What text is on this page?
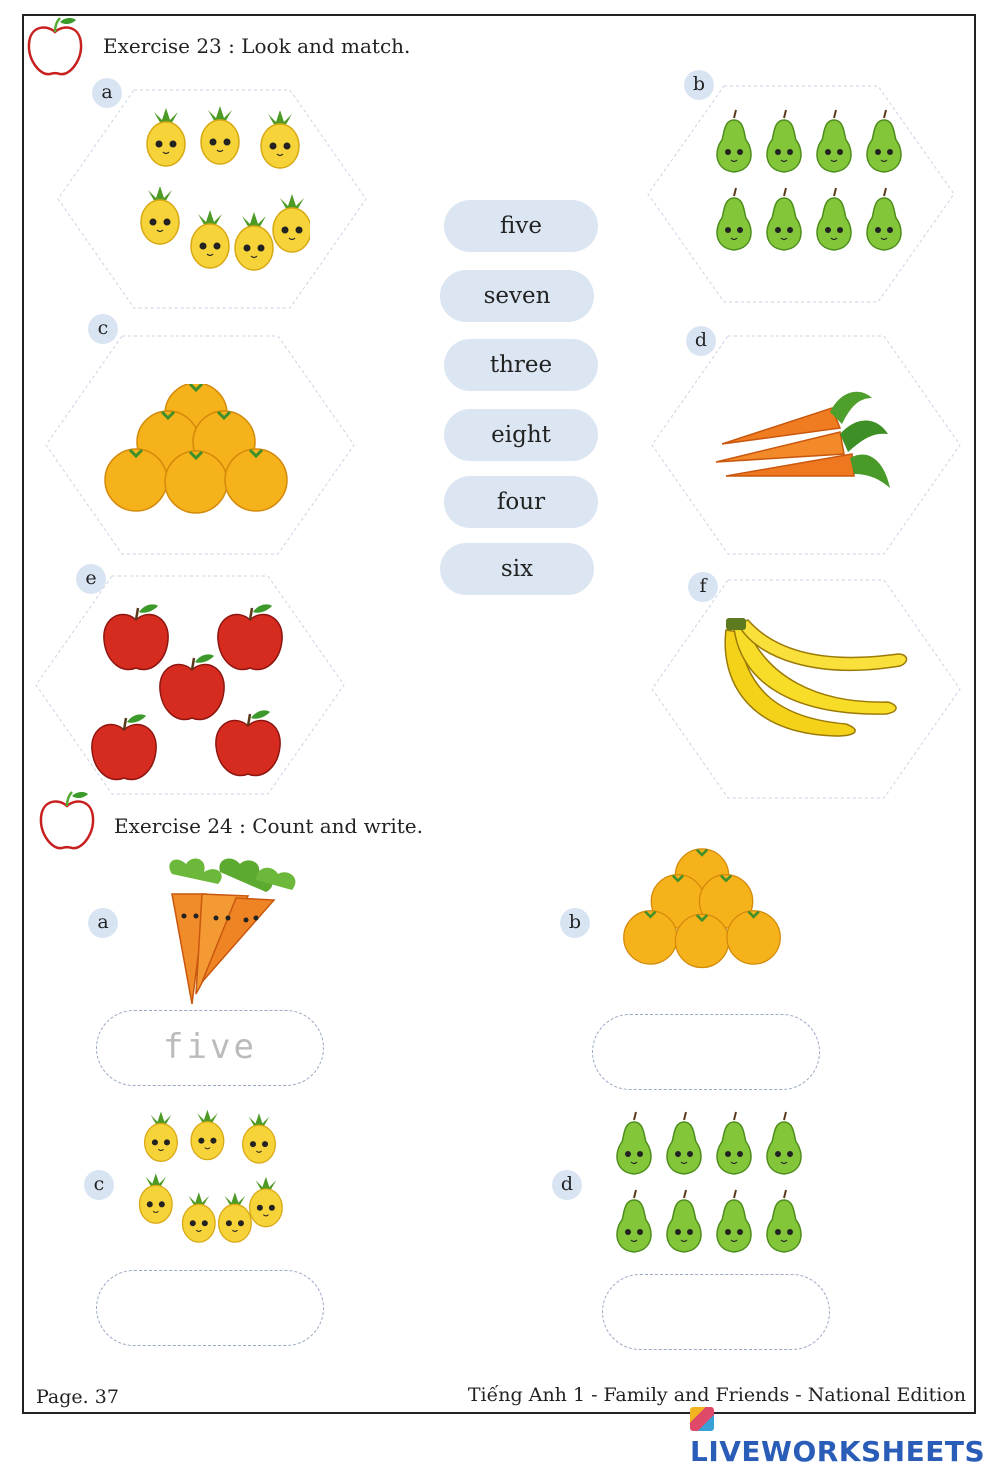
Exercise 23 : Look and match.
a	b
c
d
e	f
five
seven
three
eight
four
six
Exercise 24 : Count and write.
a	b
c	d
five
Page. 37	Tiếng Anh 1 - Family and Friends - National Edition
LIVEWORKSHEETS
